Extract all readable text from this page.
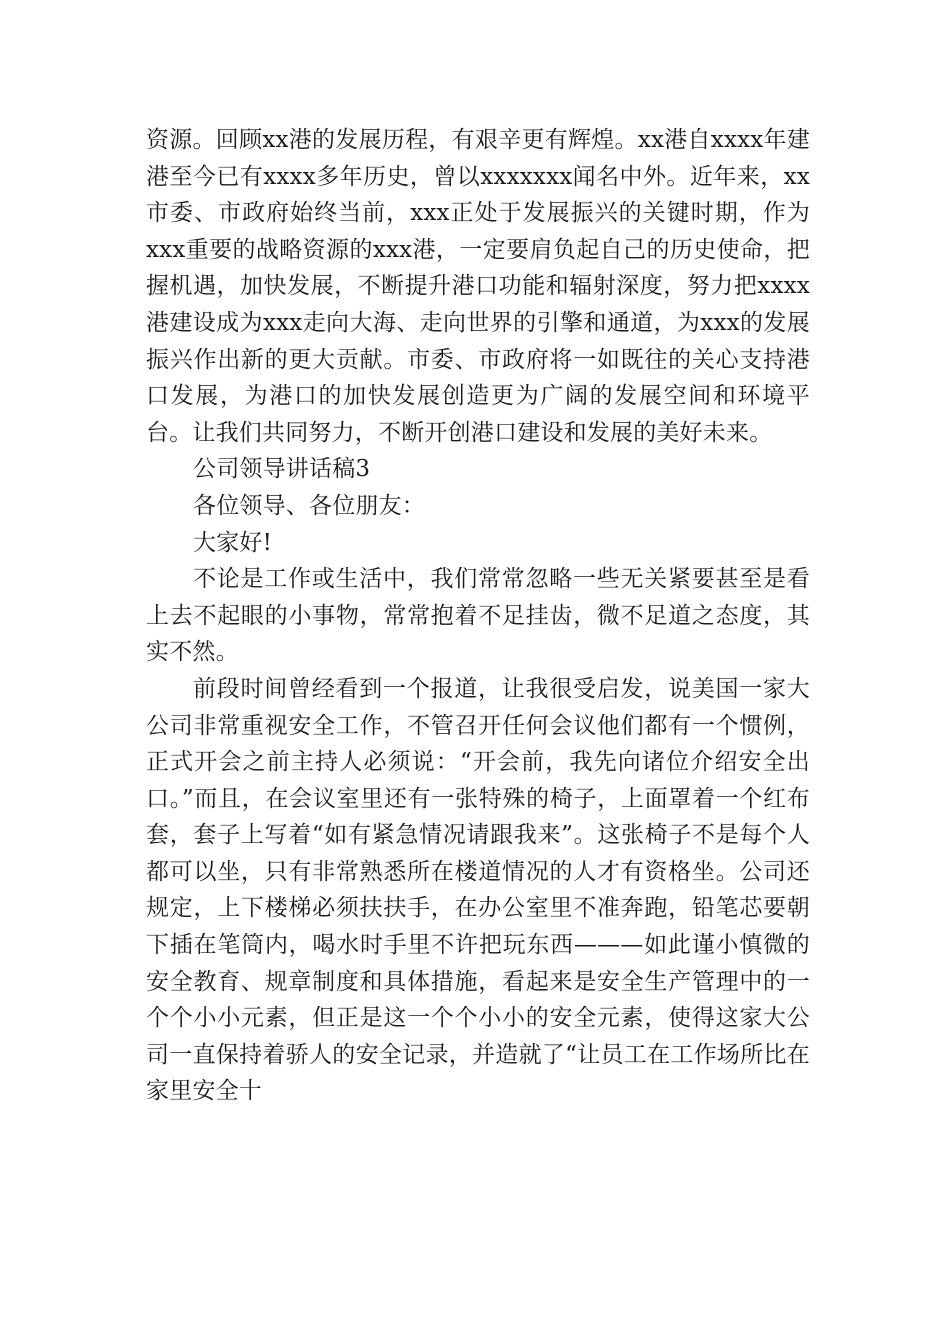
资源。回顾xx港的发展历程，有艰辛更有辉煌。xx港自xxxx年建港至今已有xxxx多年历史，曾以xxxxxxx闻名中外。近年来，xx市委、市政府始终当前，xxx正处于发展振兴的关键时期，作为xxx重要的战略资源的xxx港，一定要肩负起自己的历史使命，把握机遇，加快发展，不断提升港口功能和辐射深度，努力把xxxx港建设成为xxx走向大海、走向世界的引擎和通道，为xxx的发展振兴作出新的更大贡献。市委、市政府将一如既往的关心支持港口发展，为港口的加快发展创造更为广阔的发展空间和环境平台。让我们共同努力，不断开创港口建设和发展的美好未来。

公司领导讲话稿3

各位领导、各位朋友：

大家好!

不论是工作或生活中，我们常常忽略一些无关紧要甚至是看上去不起眼的小事物，常常抱着不足挂齿，微不足道之态度，其实不然。

前段时间曾经看到一个报道，让我很受启发，说美国一家大公司非常重视安全工作，不管召开任何会议他们都有一个惯例，正式开会之前主持人必须说：“开会前，我先向诸位介绍安全出口。”而且，在会议室里还有一张特殊的椅子，上面罩着一个红布套，套子上写着“如有紧急情况请跟我来”。这张椅子不是每个人都可以坐，只有非常熟悉所在楼道情况的人才有资格坐。公司还规定，上下楼梯必须扶扶手，在办公室里不准奔跑，铅笔芯要朝下插在笔筒内，喝水时手里不许把玩东西———如此谨小慎微的安全教育、规章制度和具体措施，看起来是安全生产管理中的一个个小小元素，但正是这一个个小小的安全元素，使得这家大公司一直保持着骄人的安全记录，并造就了“让员工在工作场所比在家里安全十
